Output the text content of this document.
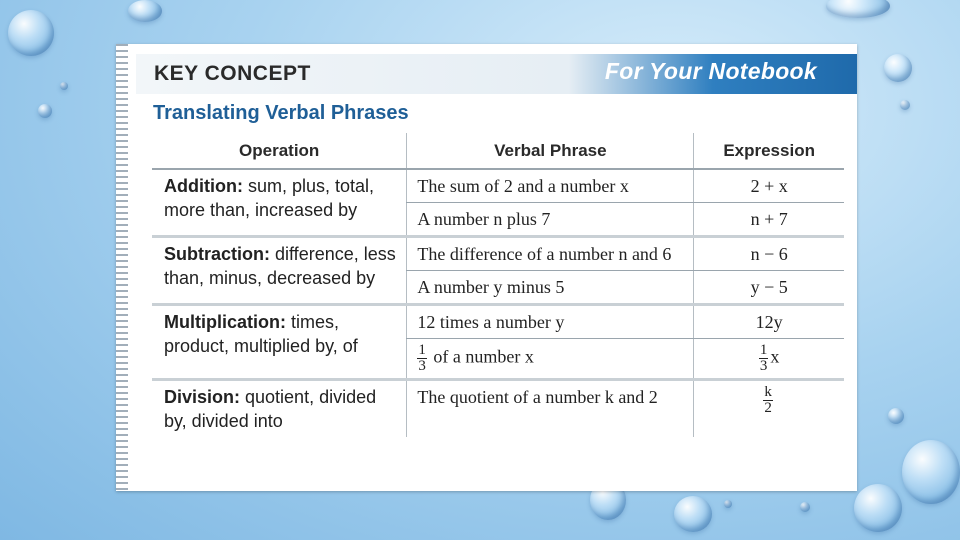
KEY CONCEPT	For Your Notebook
Translating Verbal Phrases
Operation	Verbal Phrase	Expression
Addition: sum, plus, total, more than, increased by	The sum of 2 and a number x	2 + x
	A number n plus 7	n + 7
Subtraction: difference, less than, minus, decreased by	The difference of a number n and 6	n − 6
	A number y minus 5	y − 5
Multiplication: times, product, multiplied by, of	12 times a number y	12y

	$\frac{1}{3}$ of a number x	$\frac{1}{3}$ x
Division: quotient, divided by, divided into	The quotient of a number k and 2	$\frac{k}{2}$
